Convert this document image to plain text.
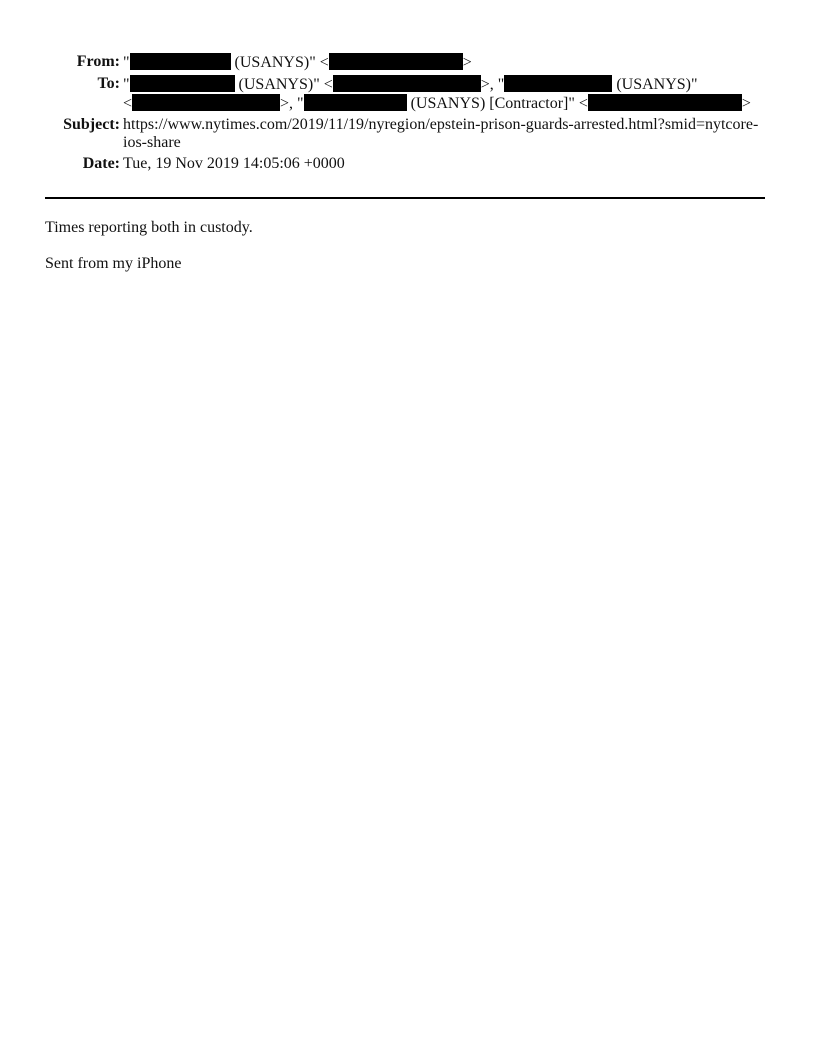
From: "	(USANYS)" <	>
To: "	(USANYS)" <	>, "	(USANYS)"
<	>, "	(USANYS) [Contractor]" <	>
Subject: https://www.nytimes.com/2019/11/19/nyregion/epstein-prison-guards-arrested.html?smid=nytcore-ios-share
Date: Tue, 19 Nov 2019 14:05:06 +0000

Times reporting both in custody.

Sent from my iPhone
